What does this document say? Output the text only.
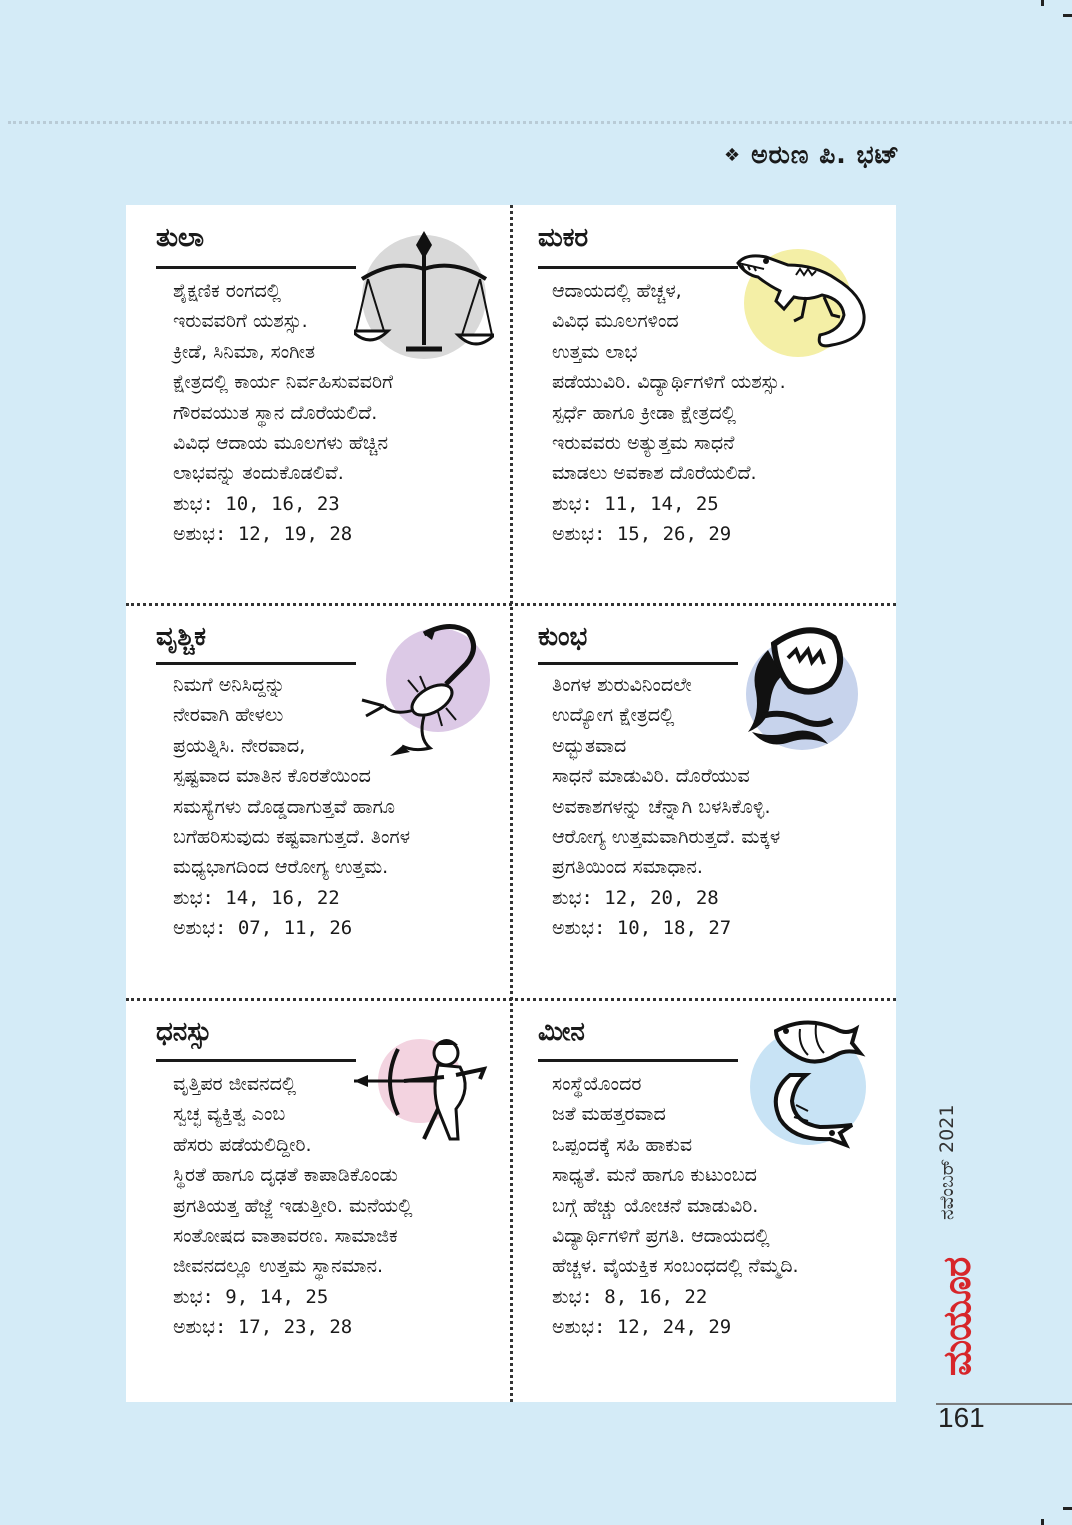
❖ ಅರುಣ ಪಿ. ಭಟ್
ತುಲಾ
ಶೈಕ್ಷಣಿಕ ರಂಗದಲ್ಲಿ
ಇರುವವರಿಗೆ ಯಶಸ್ಸು.
ಕ್ರೀಡೆ, ಸಿನಿಮಾ, ಸಂಗೀತ
ಕ್ಷೇತ್ರದಲ್ಲಿ ಕಾರ್ಯ ನಿರ್ವಹಿಸುವವರಿಗೆ
ಗೌರವಯುತ ಸ್ಥಾನ ದೊರೆಯಲಿದೆ.
ವಿವಿಧ ಆದಾಯ ಮೂಲಗಳು ಹೆಚ್ಚಿನ
ಲಾಭವನ್ನು ತಂದುಕೊಡಲಿವೆ.
ಶುಭ: 10, 16, 23
ಅಶುಭ: 12, 19, 28
ಮಕರ
ಆದಾಯದಲ್ಲಿ ಹೆಚ್ಚಳ,
ವಿವಿಧ ಮೂಲಗಳಿಂದ
ಉತ್ತಮ ಲಾಭ
ಪಡೆಯುವಿರಿ. ವಿದ್ಯಾರ್ಥಿಗಳಿಗೆ ಯಶಸ್ಸು.
ಸ್ಪರ್ಧೆ ಹಾಗೂ ಕ್ರೀಡಾ ಕ್ಷೇತ್ರದಲ್ಲಿ
ಇರುವವರು ಅತ್ಯುತ್ತಮ ಸಾಧನೆ
ಮಾಡಲು ಅವಕಾಶ ದೊರೆಯಲಿದೆ.
ಶುಭ: 11, 14, 25
ಅಶುಭ: 15, 26, 29
ವೃಶ್ಚಿಕ
ನಿಮಗೆ ಅನಿಸಿದ್ದನ್ನು
ನೇರವಾಗಿ ಹೇಳಲು
ಪ್ರಯತ್ನಿಸಿ. ನೇರವಾದ,
ಸ್ಪಷ್ಟವಾದ ಮಾತಿನ ಕೊರತೆಯಿಂದ
ಸಮಸ್ಯೆಗಳು ದೊಡ್ಡದಾಗುತ್ತವೆ ಹಾಗೂ
ಬಗೆಹರಿಸುವುದು ಕಷ್ಟವಾಗುತ್ತದೆ. ತಿಂಗಳ
ಮಧ್ಯಭಾಗದಿಂದ ಆರೋಗ್ಯ ಉತ್ತಮ.
ಶುಭ: 14, 16, 22
ಅಶುಭ: 07, 11, 26
ಕುಂಭ
ತಿಂಗಳ ಶುರುವಿನಿಂದಲೇ
ಉದ್ಯೋಗ ಕ್ಷೇತ್ರದಲ್ಲಿ
ಅದ್ಭುತವಾದ
ಸಾಧನೆ ಮಾಡುವಿರಿ. ದೊರೆಯುವ
ಅವಕಾಶಗಳನ್ನು ಚೆನ್ನಾಗಿ ಬಳಸಿಕೊಳ್ಳಿ.
ಆರೋಗ್ಯ ಉತ್ತಮವಾಗಿರುತ್ತದೆ. ಮಕ್ಕಳ
ಪ್ರಗತಿಯಿಂದ ಸಮಾಧಾನ.
ಶುಭ: 12, 20, 28
ಅಶುಭ: 10, 18, 27
ಧನಸ್ಸು
ವೃತ್ತಿಪರ ಜೀವನದಲ್ಲಿ
ಸ್ವಚ್ಛ ವ್ಯಕ್ತಿತ್ವ ಎಂಬ
ಹೆಸರು ಪಡೆಯಲಿದ್ದೀರಿ.
ಸ್ಥಿರತೆ ಹಾಗೂ ದೃಢತೆ ಕಾಪಾಡಿಕೊಂಡು
ಪ್ರಗತಿಯತ್ತ ಹೆಜ್ಜೆ ಇಡುತ್ತೀರಿ. ಮನೆಯಲ್ಲಿ
ಸಂತೋಷದ ವಾತಾವರಣ. ಸಾಮಾಜಿಕ
ಜೀವನದಲ್ಲೂ ಉತ್ತಮ ಸ್ಥಾನಮಾನ.
ಶುಭ: 9, 14, 25
ಅಶುಭ: 17, 23, 28
ಮೀನ
ಸಂಸ್ಥೆಯೊಂದರ
ಜತೆ ಮಹತ್ತರವಾದ
ಒಪ್ಪಂದಕ್ಕೆ ಸಹಿ ಹಾಕುವ
ಸಾಧ್ಯತೆ. ಮನೆ ಹಾಗೂ ಕುಟುಂಬದ
ಬಗ್ಗೆ ಹೆಚ್ಚು ಯೋಚನೆ ಮಾಡುವಿರಿ.
ವಿದ್ಯಾರ್ಥಿಗಳಿಗೆ ಪ್ರಗತಿ. ಆದಾಯದಲ್ಲಿ
ಹೆಚ್ಚಳ. ವೈಯಕ್ತಿಕ ಸಂಬಂಧದಲ್ಲಿ ನೆಮ್ಮದಿ.
ಶುಭ: 8, 16, 22
ಅಶುಭ: 12, 24, 29
ನವೆಂಬರ್ 2021
ಮಯೂರ
161
